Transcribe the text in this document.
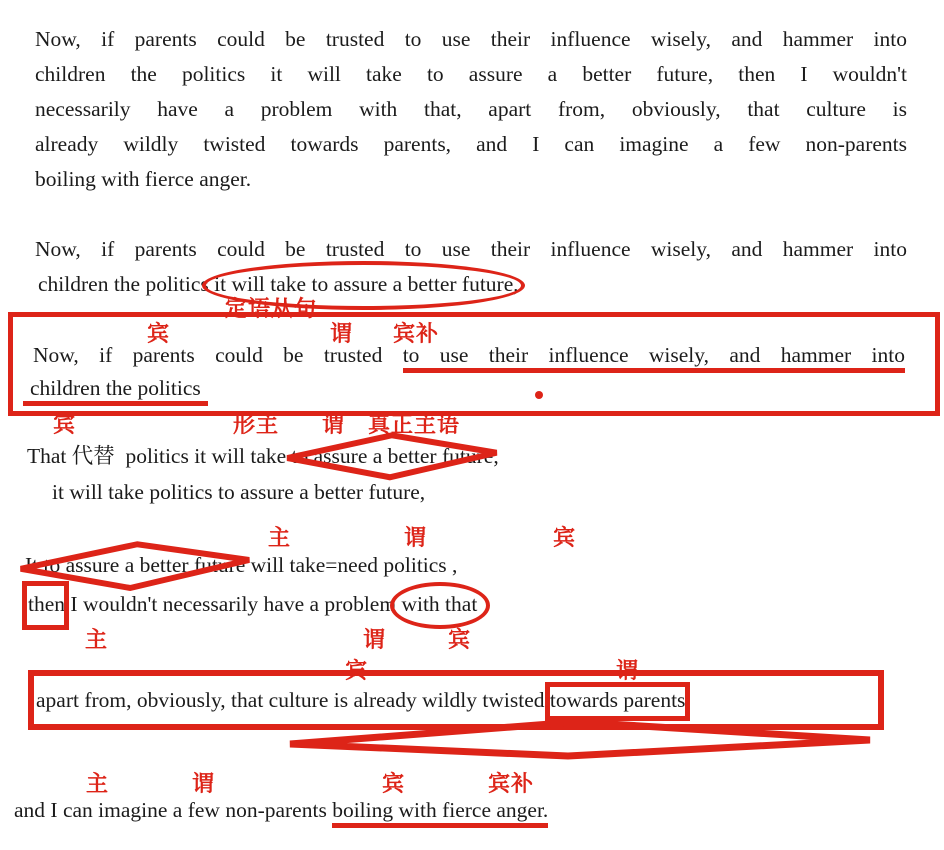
Now, if parents could be trusted to use their influence wisely, and hammer into
children the politics it will take to assure a better future, then I wouldn't
necessarily have a problem with that, apart from, obviously, that culture is
already wildly twisted towards parents, and I can imagine a few non-parents
boiling with fierce anger.
Now, if parents could be trusted to use their influence wisely, and hammer into
children the politics
it will take to assure a better future,
定语从句
宾	谓 宾补
Now, if parents could be trusted to use their influence wisely, and hammer into
children the politics
宾	形主 谓 真正主语
That 代替  politics it will take
to assure a better future,
it will take politics to assure a better future,
主	谓	宾
It to assure a better future will take=need politics ,
then I wouldn't necessarily have a problem
with that
主	谓	宾
宾	谓
apart from, obviously, that culture is already wildly twisted
towards parents
主	谓	宾	宾补
and I can imagine a few non-parents boiling with fierce anger.
